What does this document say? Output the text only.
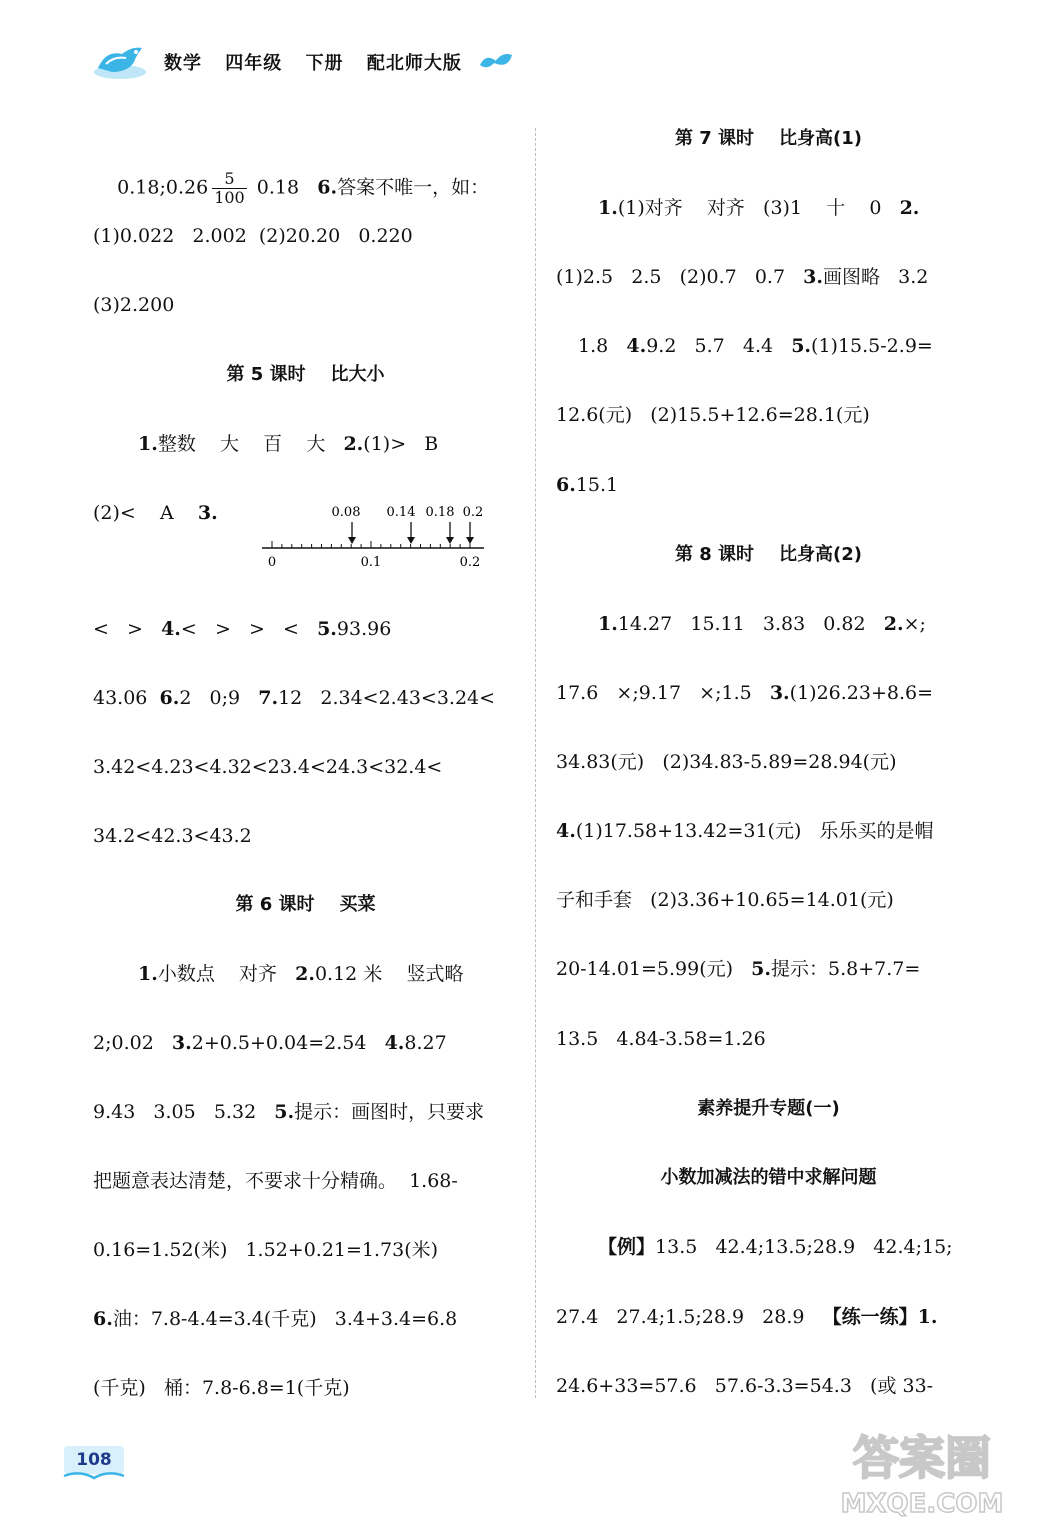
数学 四年级 下册 配北师大版

0.18;0.26 $\frac{5}{100} 0.18$ 6.答案不唯一，如：

(1)0.022   2.002  (2)20.20   0.220
(3)2.200
第 5 课时    比大小
1.整数    大    百    大   2.(1)>   B
(2)<    A    3.
<   >   4.<   >   >   <   5.93.96
43.06  6.2   0;9   7.12   2.34<2.43<3.24<
3.42<4.23<4.32<23.4<24.3<32.4<
34.2<42.3<43.2
第 6 课时    买菜
1.小数点    对齐   2.0.12 米    竖式略
2;0.02   3.2+0.5+0.04=2.54   4.8.27
9.43   3.05   5.32   5.提示：画图时，只要求
把题意表达清楚，不要求十分精确。  1.68-
0.16=1.52(米)   1.52+0.21=1.73(米)
6.油：7.8-4.4=3.4(千克)   3.4+3.4=6.8
(千克)   桶：7.8-6.8=1(千克)
0.08 0.14 0.18 0.2
0	0.1	0.2
第 7 课时    比身高(1)
1.(1)对齐    对齐   (3)1    十    0   2.
(1)2.5   2.5   (2)0.7   0.7   3.画图略   3.2
1.8   4.9.2   5.7   4.4   5.(1)15.5-2.9=
12.6(元)   (2)15.5+12.6=28.1(元)
6.15.1
第 8 课时    比身高(2)
1.14.27   15.11   3.83   0.82   2.×;
17.6   ×;9.17   ×;1.5   3.(1)26.23+8.6=
34.83(元)   (2)34.83-5.89=28.94(元)
4.(1)17.58+13.42=31(元)   乐乐买的是帽
子和手套   (2)3.36+10.65=14.01(元)
20-14.01=5.99(元)   5.提示：5.8+7.7=
13.5   4.84-3.58=1.26
素养提升专题(一)
小数加减法的错中求解问题
【例】13.5   42.4;13.5;28.9   42.4;15;
27.4   27.4;1.5;28.9   28.9   【练一练】1.
24.6+33=57.6   57.6-3.3=54.3   (或 33-
108	答案圈
MXQE.COM
